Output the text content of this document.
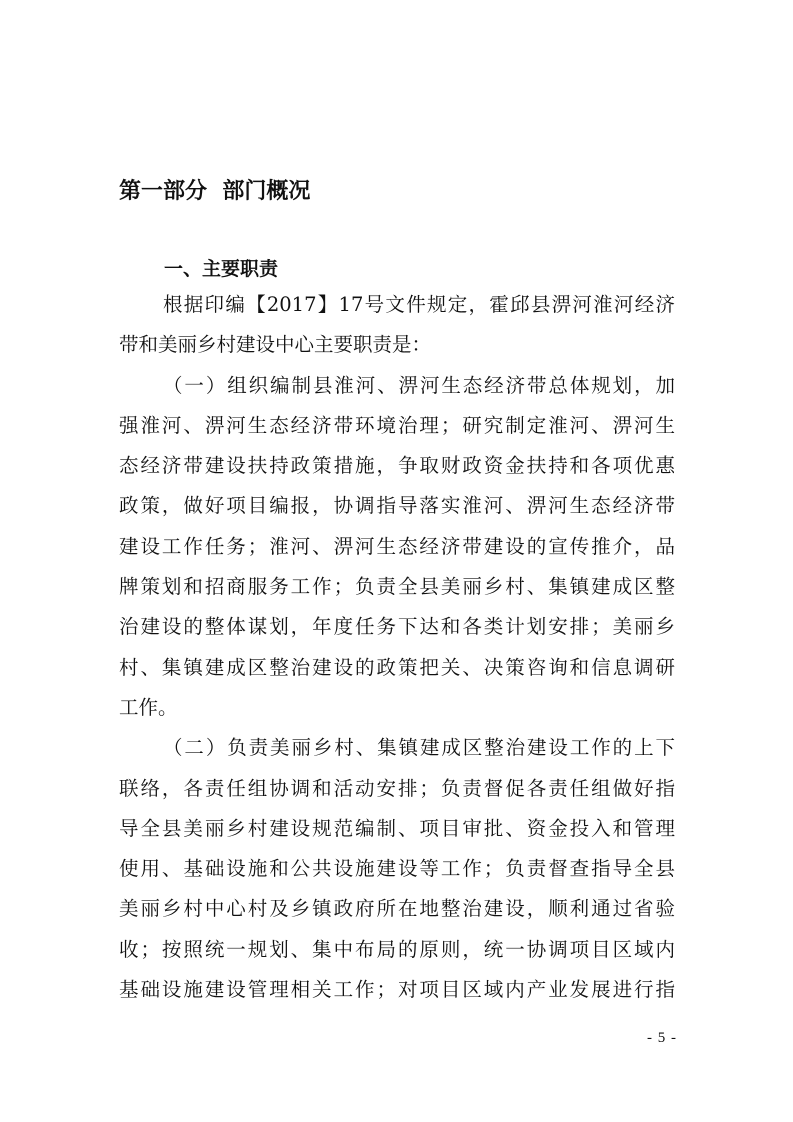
第一部分  部门概况
一、主要职责
根据印编【2017】17号文件规定，霍邱县淠河淮河经济
带和美丽乡村建设中心主要职责是：
（一）组织编制县淮河、淠河生态经济带总体规划，加
强淮河、淠河生态经济带环境治理；研究制定淮河、淠河生
态经济带建设扶持政策措施，争取财政资金扶持和各项优惠
政策，做好项目编报，协调指导落实淮河、淠河生态经济带
建设工作任务；淮河、淠河生态经济带建设的宣传推介，品
牌策划和招商服务工作；负责全县美丽乡村、集镇建成区整
治建设的整体谋划，年度任务下达和各类计划安排；美丽乡
村、集镇建成区整治建设的政策把关、决策咨询和信息调研
工作。
（二）负责美丽乡村、集镇建成区整治建设工作的上下
联络，各责任组协调和活动安排；负责督促各责任组做好指
导全县美丽乡村建设规范编制、项目审批、资金投入和管理
使用、基础设施和公共设施建设等工作；负责督查指导全县
美丽乡村中心村及乡镇政府所在地整治建设，顺利通过省验
收；按照统一规划、集中布局的原则，统一协调项目区域内
基础设施建设管理相关工作；对项目区域内产业发展进行指
- 5 -
